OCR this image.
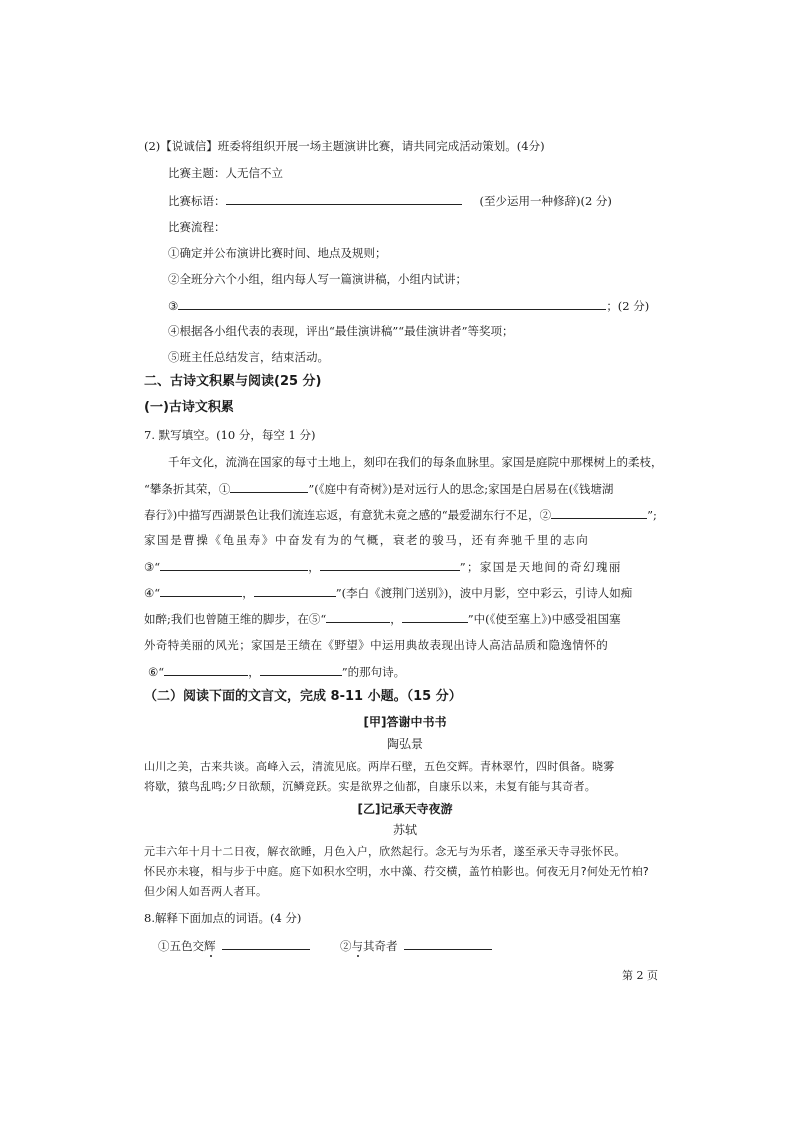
(2)【说诚信】班委将组织开展一场主题演讲比赛，请共同完成活动策划。(4分)
比赛主题：人无信不立
比赛标语：	(至少运用一种修辞)(2 分)
比赛流程：
①确定并公布演讲比赛时间、地点及规则；
②全班分六个小组，组内每人写一篇演讲稿，小组内试讲；
③	；(2 分)
④根据各小组代表的表现，评出“最佳演讲稿”“最佳演讲者”等奖项；
⑤班主任总结发言，结束活动。
二、古诗文积累与阅读(25 分)
(一)古诗文积累
7. 默写填空。(10 分，每空 1 分)
千年文化，流淌在国家的每寸土地上，刻印在我们的每条血脉里。家国是庭院中那棵树上的柔枝，
“攀条折其荣，①	”(《庭中有奇树》)是对远行人的思念;家国是白居易在(《钱塘湖
春行》)中描写西湖景色让我们流连忘返，有意犹未竟之感的“最爱湖东行不足，②	”;
家国是曹操《龟虽寿》中奋发有为的气概，衰老的骏马，还有奔驰千里的志向
③“	，	”；家国是天地间的奇幻瑰丽
④“	，	”(李白《渡荆门送别》)，波中月影，空中彩云，引诗人如痴
如醉;我们也曾随王维的脚步，在⑤“	，	”中(《使至塞上》)中感受祖国塞
外奇特美丽的风光；家国是王绩在《野望》中运用典故表现出诗人高洁品质和隐逸情怀的
⑥“	，	”的那句诗。
（二）阅读下面的文言文，完成 8-11 小题。（15 分）
[甲]答谢中书书
陶弘景
山川之美，古来共谈。高峰入云，清流见底。两岸石壁，五色交辉。青林翠竹，四时俱备。晓雾
将歇，猿鸟乱鸣;夕日欲颓，沉鳞竞跃。实是欲界之仙都，自康乐以来，未复有能与其奇者。
[乙]记承天寺夜游
苏轼
元丰六年十月十二日夜，解衣欲睡，月色入户，欣然起行。念无与为乐者，遂至承天寺寻张怀民。
怀民亦未寝，相与步于中庭。庭下如积水空明，水中藻、荇交横，盖竹柏影也。何夜无月?何处无竹柏?
但少闲人如吾两人者耳。
8.解释下面加点的词语。(4 分)
①五色交辉	②与其奇者
第 2 页
